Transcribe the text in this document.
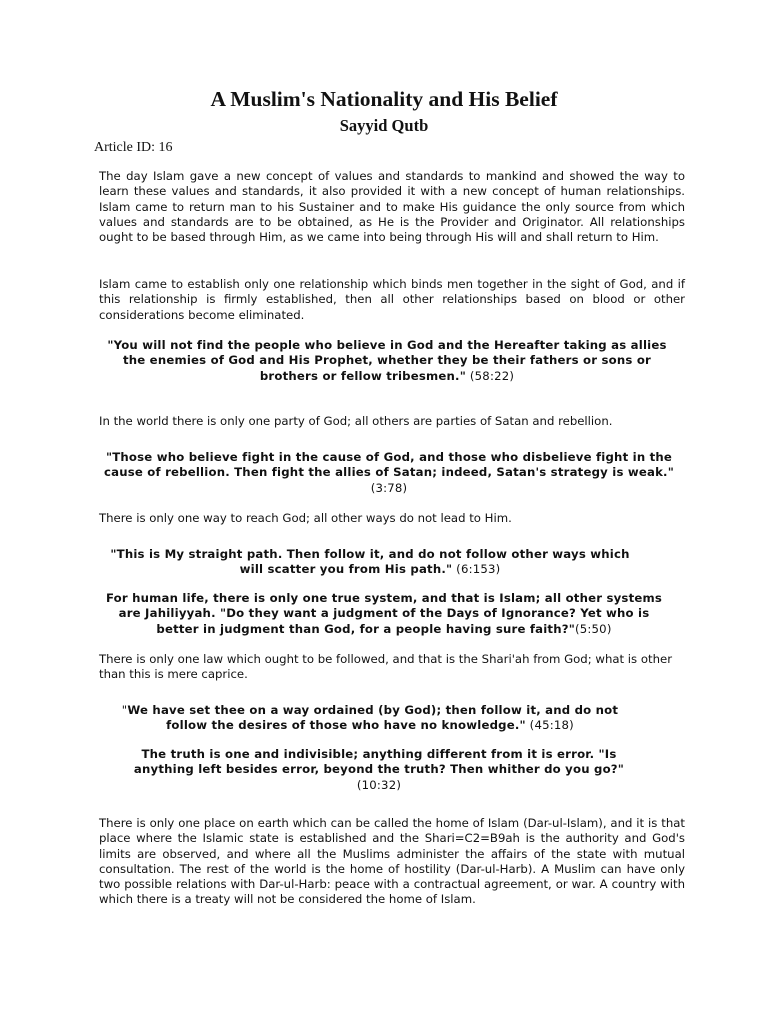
A Muslim's Nationality and His Belief
Sayyid Qutb
Article ID: 16

The day Islam gave a new concept of values and standards to mankind and showed the way to learn these values and standards, it also provided it with a new concept of human relationships. Islam came to return man to his Sustainer and to make His guidance the only source from which values and standards are to be obtained, as He is the Provider and Originator. All relationships ought to be based through Him, as we came into being through His will and shall return to Him.

Islam came to establish only one relationship which binds men together in the sight of God, and if this relationship is firmly established, then all other relationships based on blood or other considerations become eliminated.

"You will not find the people who believe in God and the Hereafter taking as allies the enemies of God and His Prophet, whether they be their fathers or sons or brothers or fellow tribesmen." (58:22)

In the world there is only one party of God; all others are parties of Satan and rebellion.

"Those who believe fight in the cause of God, and those who disbelieve fight in the cause of rebellion. Then fight the allies of Satan; indeed, Satan's strategy is weak." (3:78)

There is only one way to reach God; all other ways do not lead to Him.

"This is My straight path. Then follow it, and do not follow other ways which will scatter you from His path." (6:153)
For human life, there is only one true system, and that is Islam; all other systems are Jahiliyyah. "Do they want a judgment of the Days of Ignorance? Yet who is better in judgment than God, for a people having sure faith?"(5:50)

There is only one law which ought to be followed, and that is the Shari'ah from God; what is other than this is mere caprice.

"We have set thee on a way ordained (by God); then follow it, and do not follow the desires of those who have no knowledge." (45:18)
The truth is one and indivisible; anything different from it is error. "Is anything left besides error, beyond the truth? Then whither do you go?" (10:32)

There is only one place on earth which can be called the home of Islam (Dar-ul-Islam), and it is that place where the Islamic state is established and the Shari=C2=B9ah is the authority and God's limits are observed, and where all the Muslims administer the affairs of the state with mutual consultation. The rest of the world is the home of hostility (Dar-ul-Harb). A Muslim can have only two possible relations with Dar-ul-Harb: peace with a contractual agreement, or war. A country with which there is a treaty will not be considered the home of Islam.
